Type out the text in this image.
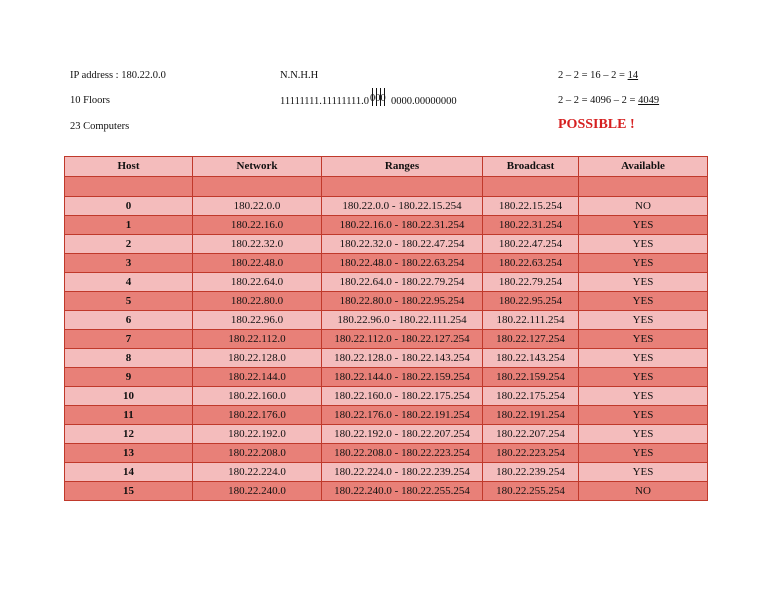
IP address : 180.22.0.0
10 Floors
23 Computers
N.N.H.H
11111111.11111111.0 000 0000.00000000
2 – 2 = 16 – 2 = 14
2 – 2 = 4096 – 2 = 4049
POSSIBLE !
Host	Network	Ranges	Broadcast	Available

0	180.22.0.0	180.22.0.0 - 180.22.15.254	180.22.15.254	NO
1	180.22.16.0	180.22.16.0 - 180.22.31.254	180.22.31.254	YES
2	180.22.32.0	180.22.32.0 - 180.22.47.254	180.22.47.254	YES
3	180.22.48.0	180.22.48.0 - 180.22.63.254	180.22.63.254	YES
4	180.22.64.0	180.22.64.0 - 180.22.79.254	180.22.79.254	YES
5	180.22.80.0	180.22.80.0 - 180.22.95.254	180.22.95.254	YES
6	180.22.96.0	180.22.96.0 - 180.22.111.254	180.22.111.254	YES
7	180.22.112.0	180.22.112.0 - 180.22.127.254	180.22.127.254	YES
8	180.22.128.0	180.22.128.0 - 180.22.143.254	180.22.143.254	YES
9	180.22.144.0	180.22.144.0 - 180.22.159.254	180.22.159.254	YES
10	180.22.160.0	180.22.160.0 - 180.22.175.254	180.22.175.254	YES
11	180.22.176.0	180.22.176.0 - 180.22.191.254	180.22.191.254	YES
12	180.22.192.0	180.22.192.0 - 180.22.207.254	180.22.207.254	YES
13	180.22.208.0	180.22.208.0 - 180.22.223.254	180.22.223.254	YES
14	180.22.224.0	180.22.224.0 - 180.22.239.254	180.22.239.254	YES
15	180.22.240.0	180.22.240.0 - 180.22.255.254	180.22.255.254	NO
